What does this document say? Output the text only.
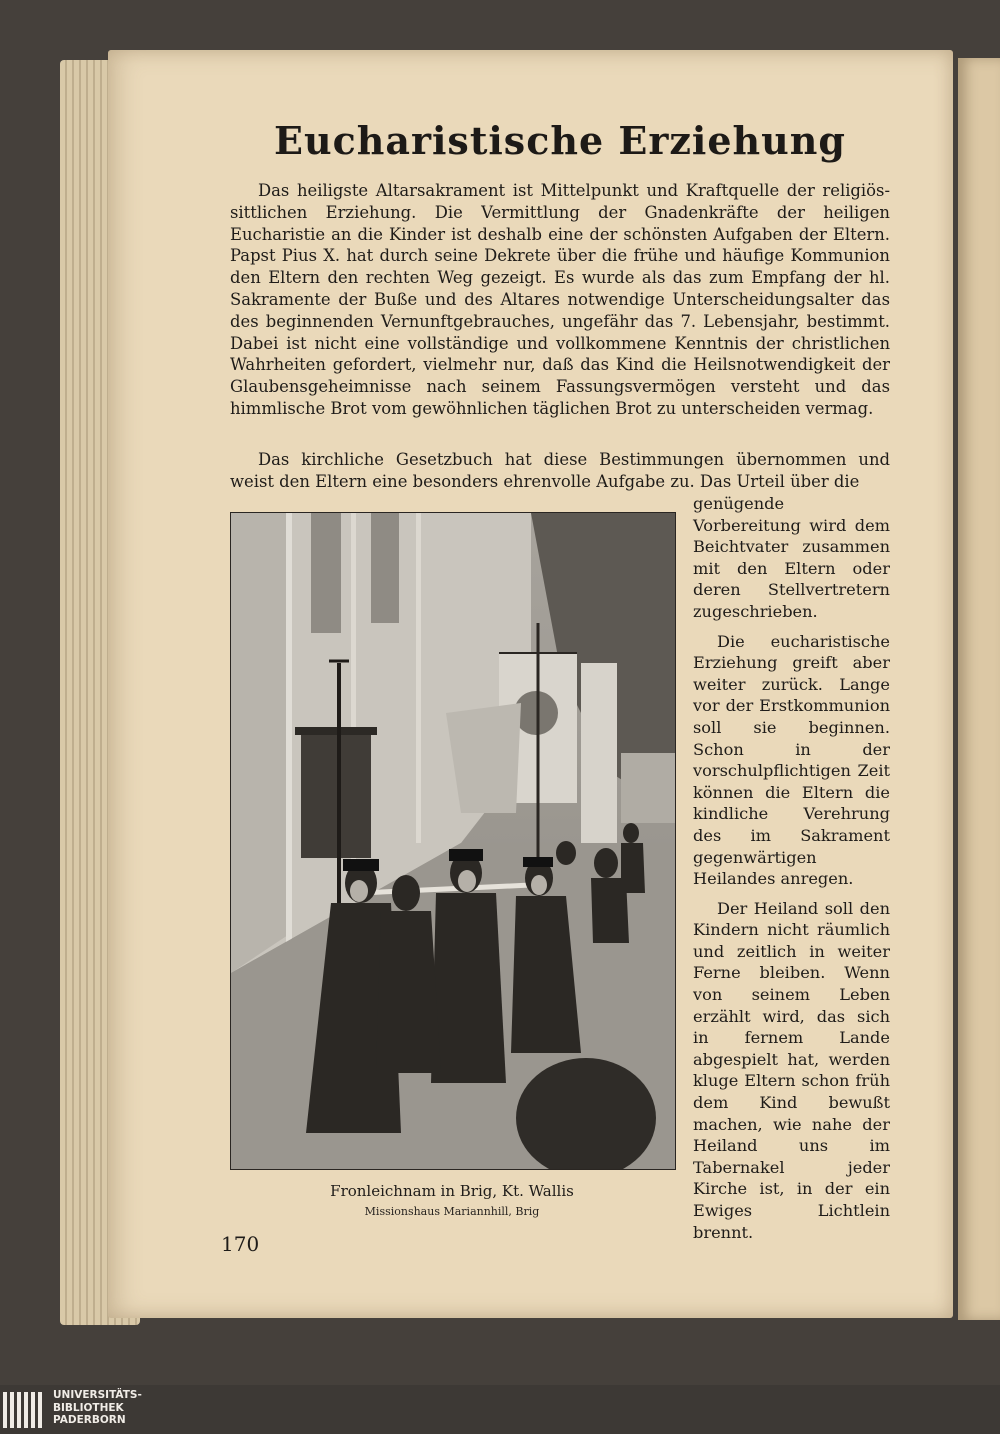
Eucharistische Erziehung

Das heiligste Altarsakrament ist Mittelpunkt und Kraftquelle der religiös-sittlichen Erziehung. Die Vermittlung der Gnadenkräfte der heiligen Eucharistie an die Kinder ist deshalb eine der schönsten Aufgaben der Eltern. Papst Pius X. hat durch seine Dekrete über die frühe und häufige Kommunion den Eltern den rechten Weg gezeigt. Es wurde als das zum Empfang der hl. Sakramente der Buße und des Altares notwendige Unterscheidungsalter das des beginnenden Vernunftgebrauches, ungefähr das 7. Lebensjahr, bestimmt. Dabei ist nicht eine vollständige und vollkommene Kenntnis der christlichen Wahrheiten gefordert, vielmehr nur, daß das Kind die Heilsnotwendigkeit der Glaubensgeheimnisse nach seinem Fassungsvermögen versteht und das himmlische Brot vom gewöhnlichen täglichen Brot zu unterscheiden vermag.

Das kirchliche Gesetzbuch hat diese Bestimmungen übernommen und weist den Eltern eine besonders ehrenvolle Aufgabe zu. Das Urteil über die

genügende Vorbereitung wird dem Beichtvater zusammen mit den Eltern oder deren Stellvertretern zugeschrieben.

Die eucharistische Erziehung greift aber weiter zurück. Lange vor der Erstkommunion soll sie beginnen. Schon in der vorschulpflichtigen Zeit können die Eltern die kindliche Verehrung des im Sakrament gegenwärtigen Heilandes anregen.

Der Heiland soll den Kindern nicht räumlich und zeitlich in weiter Ferne bleiben. Wenn von seinem Leben erzählt wird, das sich in fernem Lande abgespielt hat, werden kluge Eltern schon früh dem Kind bewußt machen, wie nahe der Heiland uns im Tabernakel jeder Kirche ist, in der ein Ewiges Lichtlein brennt.

Fronleichnam in Brig, Kt. Wallis

Missionshaus Mariannhill, Brig

170

UNIVERSITÄTS-
BIBLIOTHEK
PADERBORN
